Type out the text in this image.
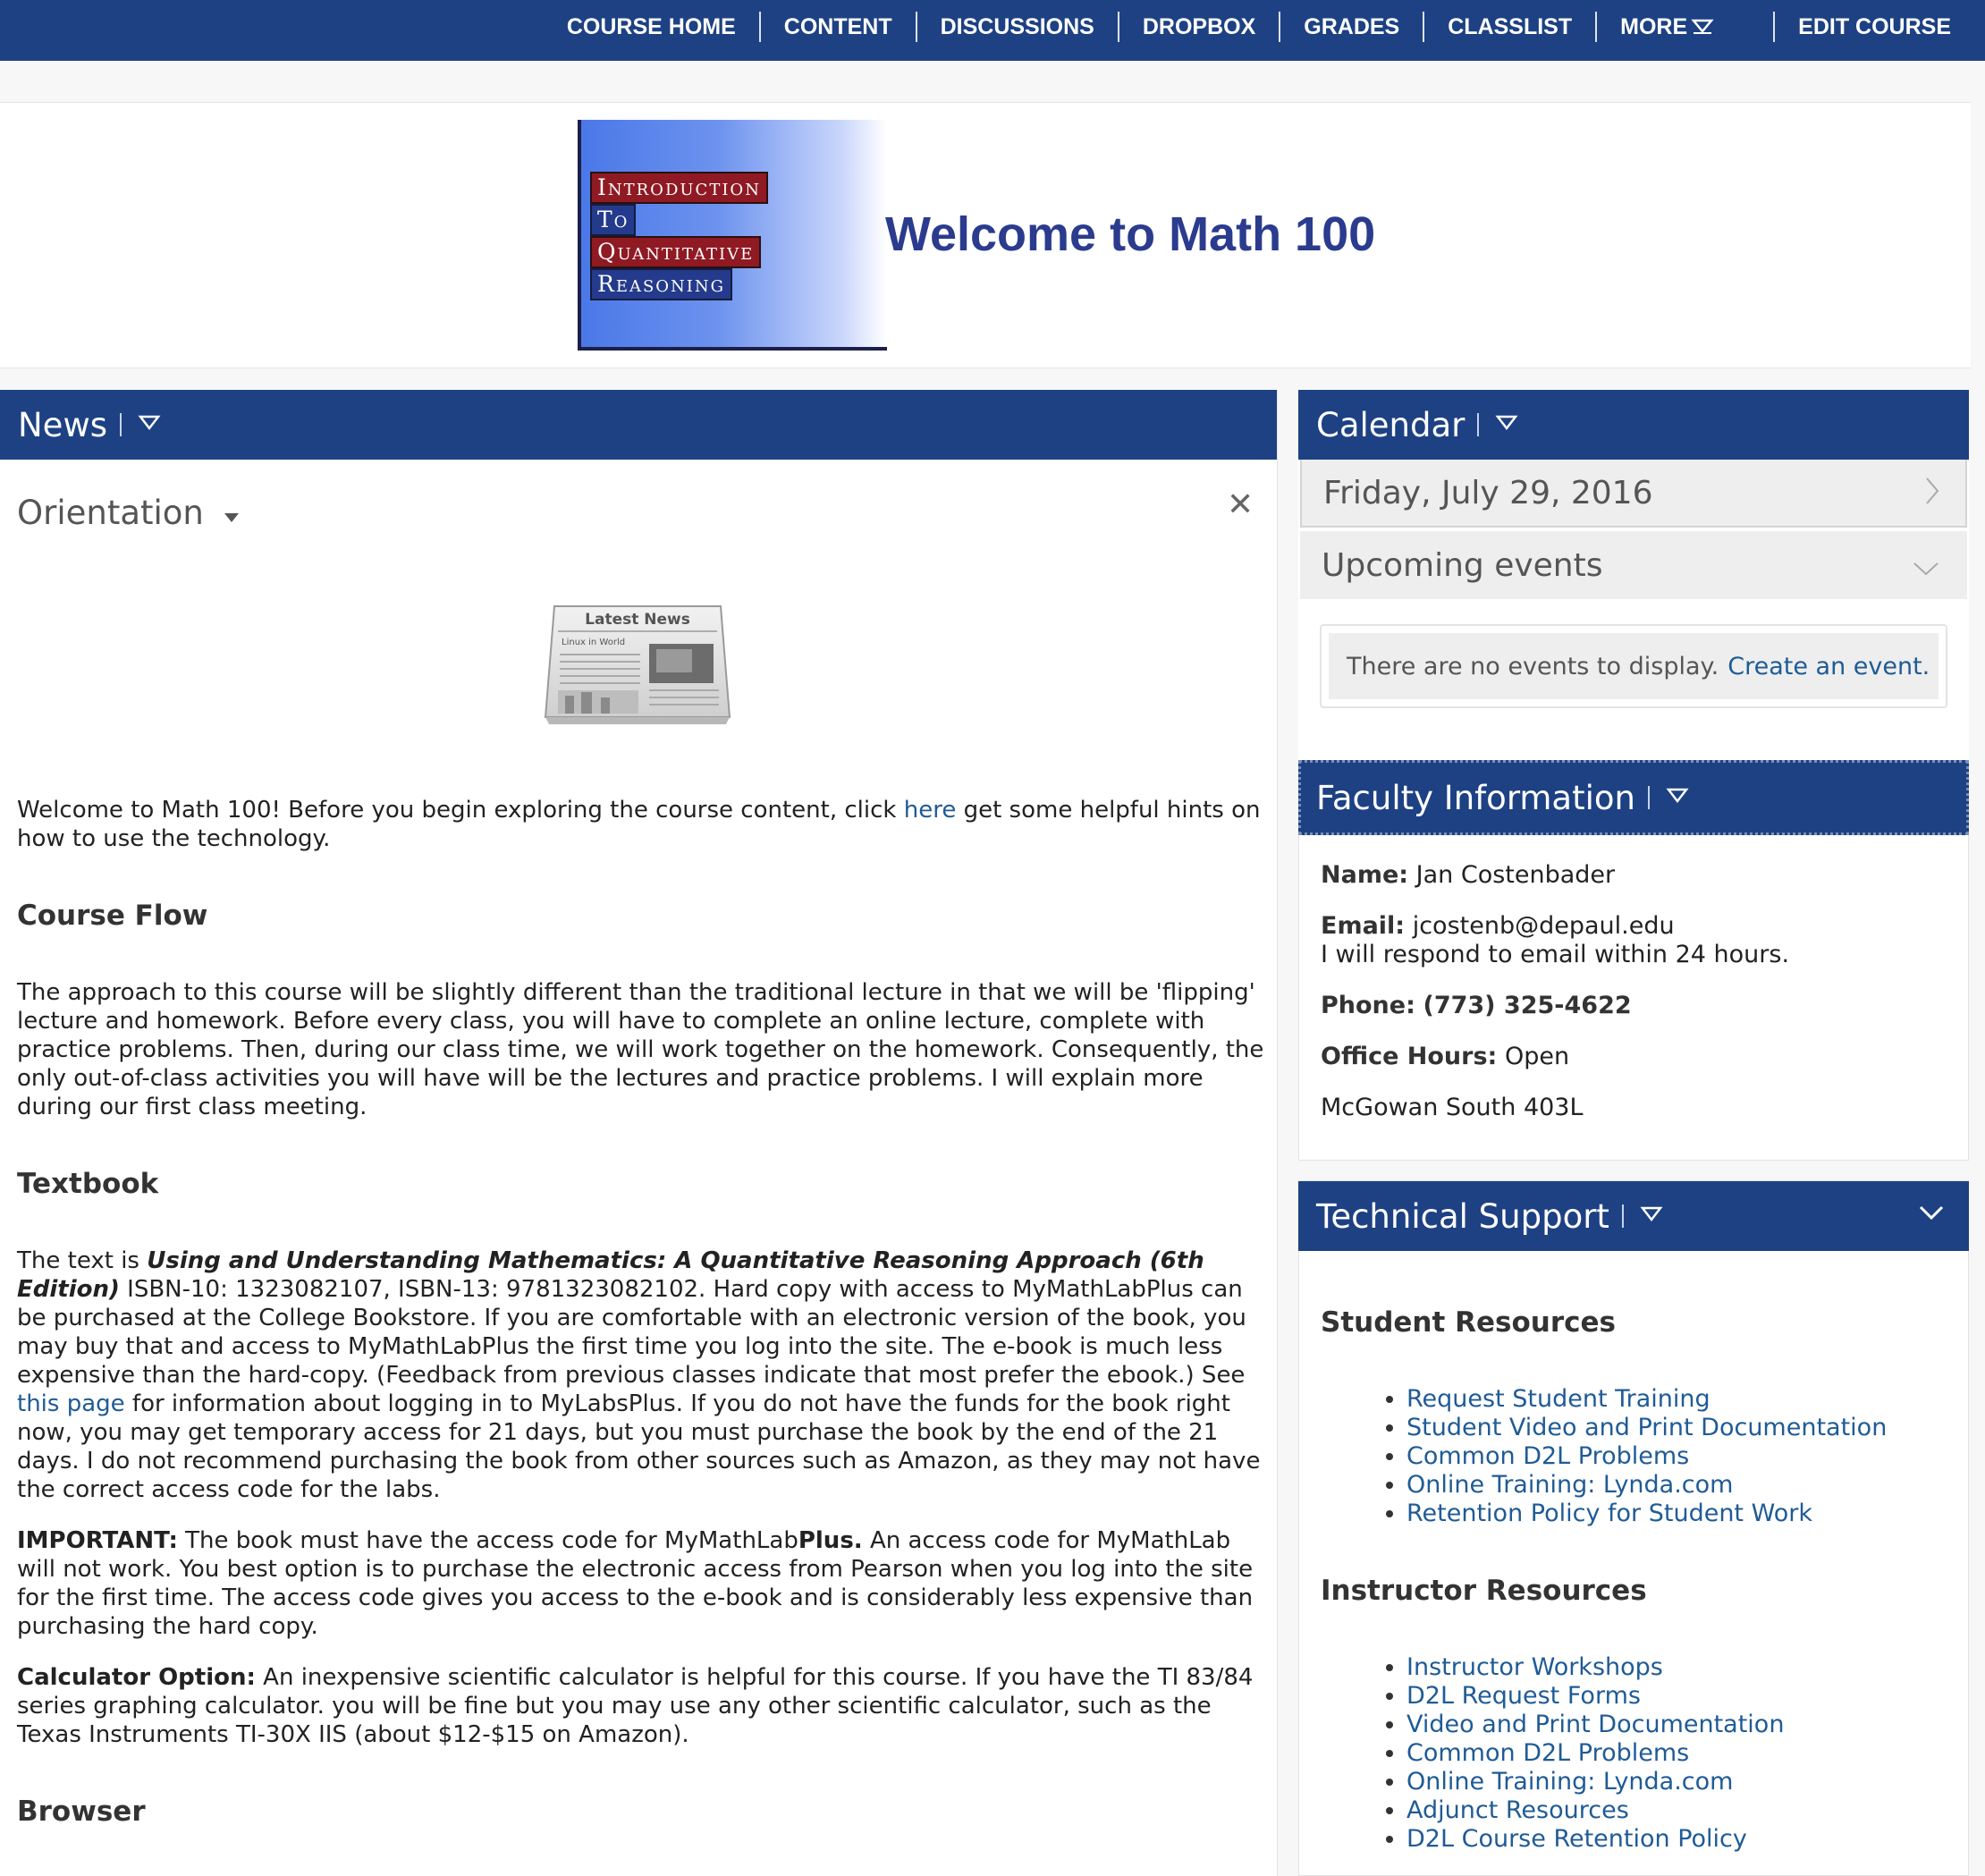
COURSE HOME	CONTENT	DISCUSSIONS	DROPBOX	GRADES	CLASSLIST	MORE	EDIT COURSE
Introduction
To
Quantitative
Reasoning
Welcome to Math 100
News
Orientation	✕
Latest News
Linux in World

Welcome to Math 100! Before you begin exploring the course content, click here get some helpful hints on how to use the technology.

Course Flow

The approach to this course will be slightly different than the traditional lecture in that we will be 'flipping' lecture and homework. Before every class, you will have to complete an online lecture, complete with practice problems. Then, during our class time, we will work together on the homework. Consequently, the only out-of-class activities you will have will be the lectures and practice problems. I will explain more during our first class meeting.

Textbook

The text is Using and Understanding Mathematics: A Quantitative Reasoning Approach (6th Edition) ISBN-10: 1323082107, ISBN-13: 9781323082102. Hard copy with access to MyMathLabPlus can be purchased at the College Bookstore. If you are comfortable with an electronic version of the book, you may buy that and access to MyMathLabPlus the first time you log into the site. The e-book is much less expensive than the hard-copy. (Feedback from previous classes indicate that most prefer the ebook.) See this page for information about logging in to MyLabsPlus. If you do not have the funds for the book right now, you may get temporary access for 21 days, but you must purchase the book by the end of the 21 days. I do not recommend purchasing the book from other sources such as Amazon, as they may not have the correct access code for the labs.

IMPORTANT: The book must have the access code for MyMathLabPlus. An access code for MyMathLab will not work. You best option is to purchase the electronic access from Pearson when you log into the site for the first time. The access code gives you access to the e-book and is considerably less expensive than purchasing the hard copy.

Calculator Option: An inexpensive scientific calculator is helpful for this course. If you have the TI 83/84 series graphing calculator. you will be fine but you may use any other scientific calculator, such as the Texas Instruments TI-30X IIS (about $12-$15 on Amazon).

Browser
Calendar
Friday, July 29, 2016
Upcoming events
There are no events to display. Create an event.
Faculty Information

Name: Jan Costenbader

Email: jcostenb@depaul.edu
I will respond to email within 24 hours.

Phone: (773) 325-4622

Office Hours: Open

McGowan South 403L

Technical Support
Student Resources
• Request Student Training
• Student Video and Print Documentation
• Common D2L Problems
• Online Training: Lynda.com
• Retention Policy for Student Work
Instructor Resources
• Instructor Workshops
• D2L Request Forms
• Video and Print Documentation
• Common D2L Problems
• Online Training: Lynda.com
• Adjunct Resources
• D2L Course Retention Policy
